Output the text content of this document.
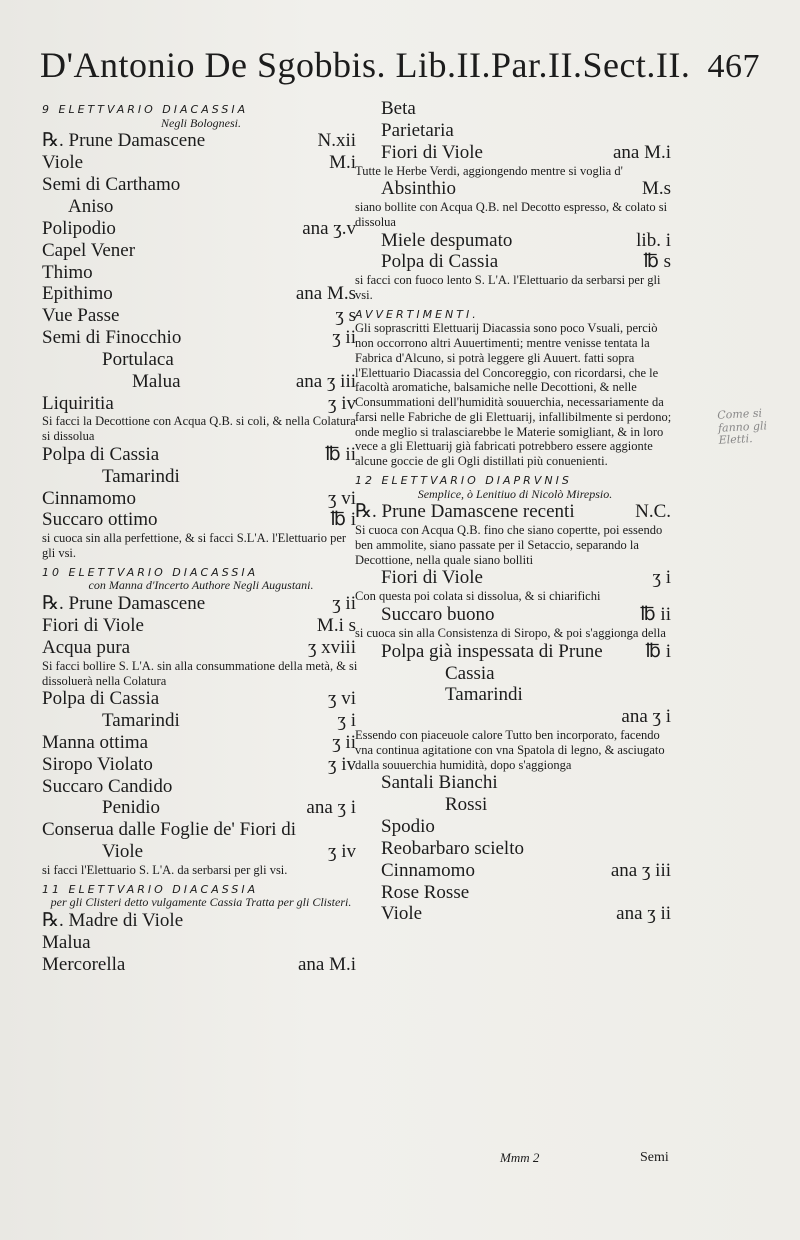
D'Antonio De Sgobbis. Lib.II.Par.II.Sect.II. 467
9 ELETTVARIO DIACASSIA
Negli Bolognesi.
℞. Prune Damascene	N.xii
Viole	M.i
Semi di Carthamo
Aniso
Polipodio	ana ʒ.v
Capel Vener
Thimo
Epithimo	ana M.s
Vue Passe	ʒ s
Semi di Finocchio	ʒ ii
Portulaca
Malua	ana ʒ iii
Liquiritia	ʒ iv
Si facci la Decottione con Acqua Q.B. si coli, & nella Colatura si dissolua
Polpa di Cassia	℔ ii
Tamarindi
Cinnamomo	ʒ vi
Succaro ottimo	℔ i
si cuoca sin alla perfettione, & si facci S.L'A. l'Elettuario per gli vsi.
10 ELETTVARIO DIACASSIA
con Manna d'Incerto Authore Negli Augustani.
℞. Prune Damascene	ʒ ii
Fiori di Viole	M.i s
Acqua pura	ʒ xviii
Si facci bollire S. L'A. sin alla consummatione della metà, & si dissoluerà nella Colatura
Polpa di Cassia	ʒ vi
Tamarindi	ʒ i
Manna ottima	ʒ ii
Siropo Violato	ʒ iv
Succaro Candido
Penidio	ana ʒ i
Conserua dalle Foglie de' Fiori di
Viole	ʒ iv
si facci l'Elettuario S. L'A. da serbarsi per gli vsi.
11 ELETTVARIO DIACASSIA
per gli Clisteri detto vulgamente Cassia Tratta per gli Clisteri.
℞. Madre di Viole
Malua
Mercorella	ana M.i
Beta
Parietaria
Fiori di Viole	ana M.i
Tutte le Herbe Verdi, aggiongendo mentre si voglia d'
Absinthio	M.s
siano bollite con Acqua Q.B. nel Decotto espresso, & colato si dissolua
Miele despumato	lib. i
Polpa di Cassia	℔ s
si facci con fuoco lento S. L'A. l'Elettuario da serbarsi per gli vsi.
AVVERTIMENTI.
Gli soprascritti Elettuarij Diacassia sono poco Vsuali, perciò non occorrono altri Auuertimenti; mentre venisse tentata la Fabrica d'Alcuno, si potrà leggere gli Auuert. fatti sopra l'Elettuario Diacassia del Concoreggio, con ricordarsi, che le facoltà aromatiche, balsamiche nelle Decottioni, & nelle Consummationi dell'humidità souuerchia, necessariamente da farsi nelle Fabriche de gli Elettuarij, infallibilmente si perdono; onde meglio si tralasciarebbe le Materie somigliant, & in loro vece a gli Elettuarij già fabricati potrebbero essere aggionte alcune goccie de gli Ogli distillati più conuenienti.
12 ELETTVARIO DIAPRVNIS
Semplice, ò Lenitiuo di Nicolò Mirepsio.
℞. Prune Damascene recenti	N.C.
Si cuoca con Acqua Q.B. fino che siano copertte, poi essendo ben ammolite, siano passate per il Setaccio, separando la Decottione, nella quale siano bolliti
Fiori di Viole	ʒ i
Con questa poi colata si dissolua, & si chiarifichi
Succaro buono	℔ ii
si cuoca sin alla Consistenza di Siropo, & poi s'aggionga della
Polpa già inspessata di Prune ℔ i
Cassia
Tamarindi
ana ʒ i
Essendo con piaceuole calore Tutto ben incorporato, facendo vna continua agitatione con vna Spatola di legno, & asciugato dalla souuerchia humidità, dopo s'aggionga
Santali Bianchi
Rossi
Spodio
Reobarbaro scielto
Cinnamomo	ana ʒ iii
Rose Rosse
Viole	ana ʒ ii
Come si fanno gli Eletti.
Mmm 2	Semi
